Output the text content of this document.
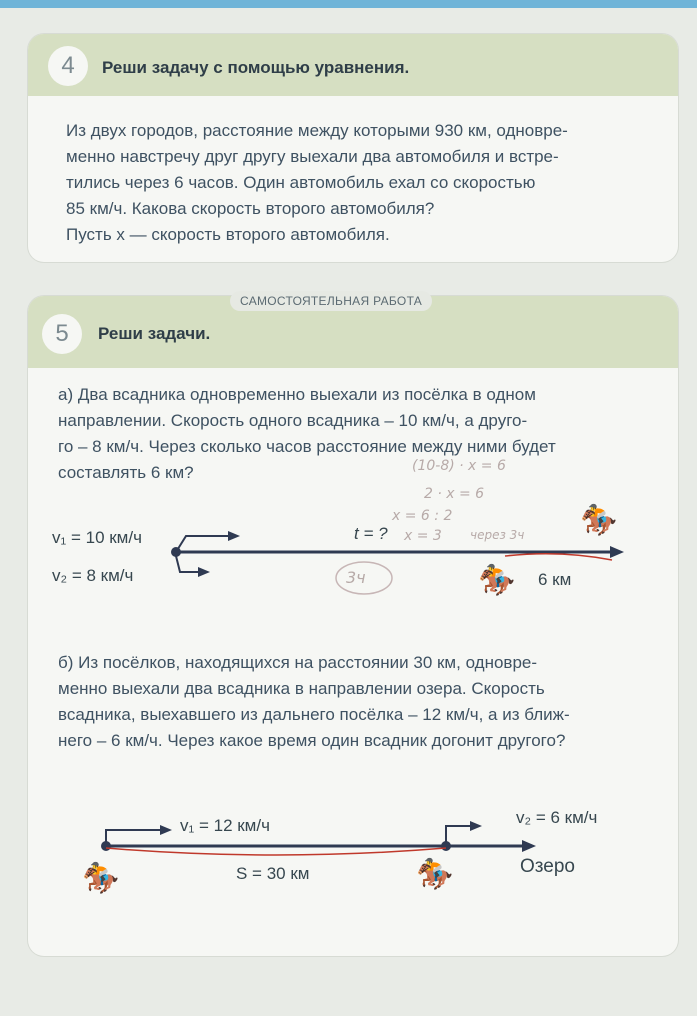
4	Реши задачу с помощью уравнения.

Из двух городов, расстояние между которыми 930 км, одновре-

менно навстречу друг другу выехали два автомобиля и встре-

тились через 6 часов. Один автомобиль ехал со скоростью

85 км/ч. Какова скорость второго автомобиля?

Пусть x — скорость второго автомобиля.

5	Реши задачи.

а) Два всадника одновременно выехали из посёлка в одном

направлении. Скорость одного всадника – 10 км/ч, а друго-

го – 8 км/ч. Через сколько часов расстояние между ними будет

составлять 6 км?

б) Из посёлков, находящихся на расстоянии 30 км, одновре-

менно выехали два всадника в направлении озера. Скорость

всадника, выехавшего из дальнего посёлка – 12 км/ч, а из ближ-

него – 6 км/ч. Через какое время один всадник догонит другого?

САМОСТОЯТЕЛЬНАЯ РАБОТА
v₁ = 10 км/ч
v₂ = 8 км/ч
t = ?
6 км
(10-8) · x = 6
2 · x = 6
x = 6 : 2
x = 3 через 3ч
3ч
🏇
🏇
v₁ = 12 км/ч	v₂ = 6 км/ч
S = 30 км	Озеро
🏇	🏇
